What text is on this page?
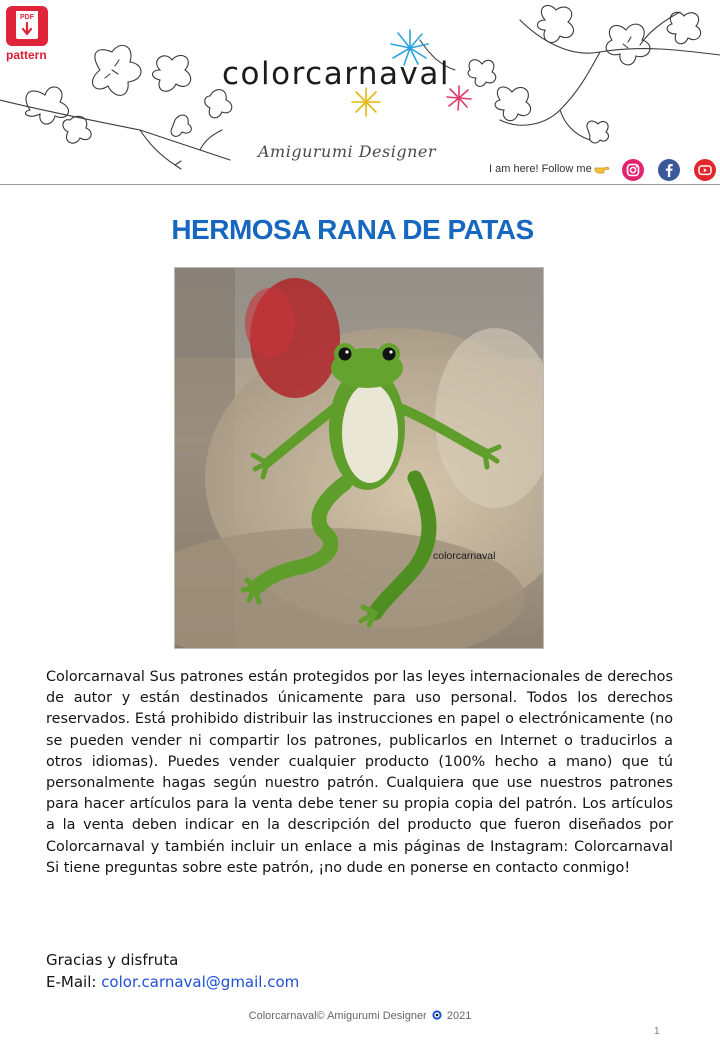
PDF
pattern
colorcarnaval
Amigurumi Designer
I am here! Follow me
HERMOSA RANA DE PATAS
colorcarnaval

Colorcarnaval Sus patrones están protegidos por las leyes internacionales de derechos de autor y están destinados únicamente para uso personal. Todos los derechos reservados. Está prohibido distribuir las instrucciones en papel o electrónicamente (no se pueden vender ni compartir los patrones, publicarlos en Internet o traducirlos a otros idiomas). Puedes vender cualquier producto (100% hecho a mano) que tú personalmente hagas según nuestro patrón. Cualquiera que use nuestros patrones para hacer artículos para la venta debe tener su propia copia del patrón. Los artículos a la venta deben indicar en la descripción del producto que fueron diseñados por Colorcarnaval y también incluir un enlace a mis páginas de Instagram: Colorcarnaval Si tiene preguntas sobre este patrón, ¡no dude en ponerse en contacto conmigo!

Gracias y disfruta
E-Mail: color.carnaval@gmail.com
Colorcarnaval© Amigurumi Designer 2021
1
